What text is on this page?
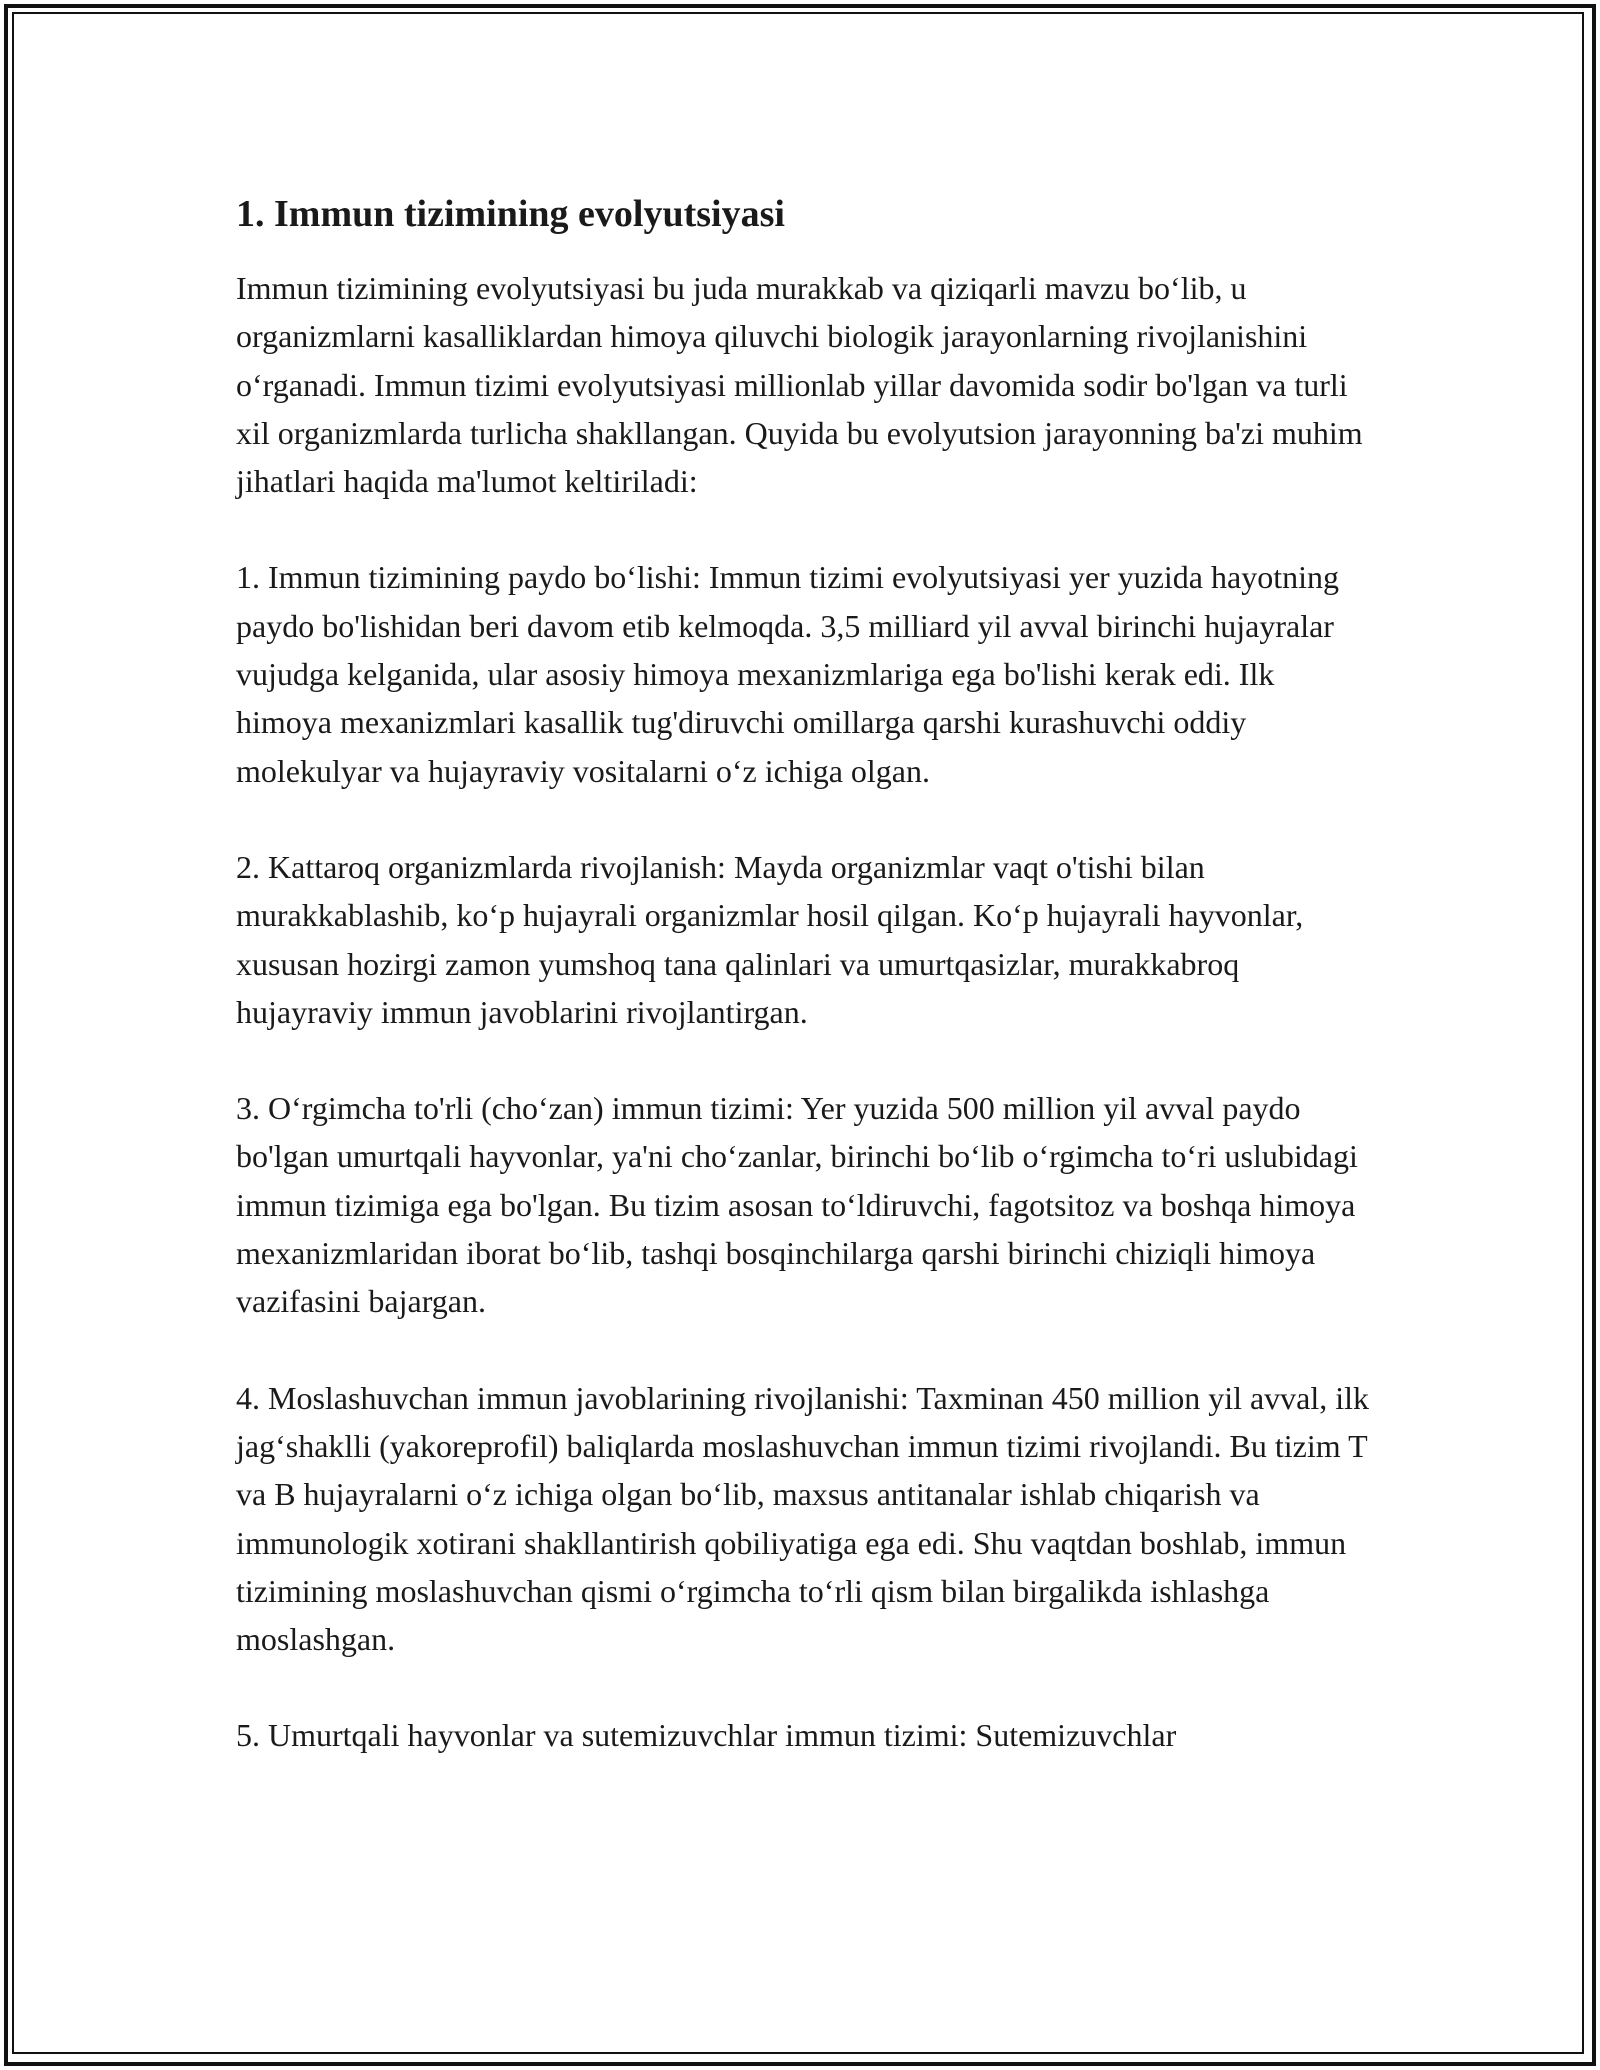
1. Immun tizimining evolyutsiyasi

Immun tizimining evolyutsiyasi bu juda murakkab va qiziqarli mavzu bo‘lib, u organizmlarni kasalliklardan himoya qiluvchi biologik jarayonlarning rivojlanishini o‘rganadi. Immun tizimi evolyutsiyasi millionlab yillar davomida sodir bo'lgan va turli xil organizmlarda turlicha shakllangan. Quyida bu evolyutsion jarayonning ba'zi muhim jihatlari haqida ma'lumot keltiriladi:

1. Immun tizimining paydo bo‘lishi: Immun tizimi evolyutsiyasi yer yuzida hayotning paydo bo'lishidan beri davom etib kelmoqda. 3,5 milliard yil avval birinchi hujayralar vujudga kelganida, ular asosiy himoya mexanizmlariga ega bo'lishi kerak edi. Ilk himoya mexanizmlari kasallik tug'diruvchi omillarga qarshi kurashuvchi oddiy molekulyar va hujayraviy vositalarni o‘z ichiga olgan.

2. Kattaroq organizmlarda rivojlanish: Mayda organizmlar vaqt o'tishi bilan murakkablashib, ko‘p hujayrali organizmlar hosil qilgan. Ko‘p hujayrali hayvonlar, xususan hozirgi zamon yumshoq tana qalinlari va umurtqasizlar, murakkabroq hujayraviy immun javoblarini rivojlantirgan.

3. O‘rgimcha to'rli (cho‘zan) immun tizimi: Yer yuzida 500 million yil avval paydo bo'lgan umurtqali hayvonlar, ya'ni cho‘zanlar, birinchi bo‘lib o‘rgimcha to‘ri uslubidagi immun tizimiga ega bo'lgan. Bu tizim asosan to‘ldiruvchi, fagotsitoz va boshqa himoya mexanizmlaridan iborat bo‘lib, tashqi bosqinchilarga qarshi birinchi chiziqli himoya vazifasini bajargan.

4. Moslashuvchan immun javoblarining rivojlanishi: Taxminan 450 million yil avval, ilk jag‘shaklli (yakoreprofil) baliqlarda moslashuvchan immun tizimi rivojlandi. Bu tizim T va B hujayralarni o‘z ichiga olgan bo‘lib, maxsus antitanalar ishlab chiqarish va immunologik xotirani shakllantirish qobiliyatiga ega edi. Shu vaqtdan boshlab, immun tizimining moslashuvchan qismi o‘rgimcha to‘rli qism bilan birgalikda ishlashga moslashgan.

5. Umurtqali hayvonlar va sutemizuvchlar immun tizimi: Sutemizuvchlar
